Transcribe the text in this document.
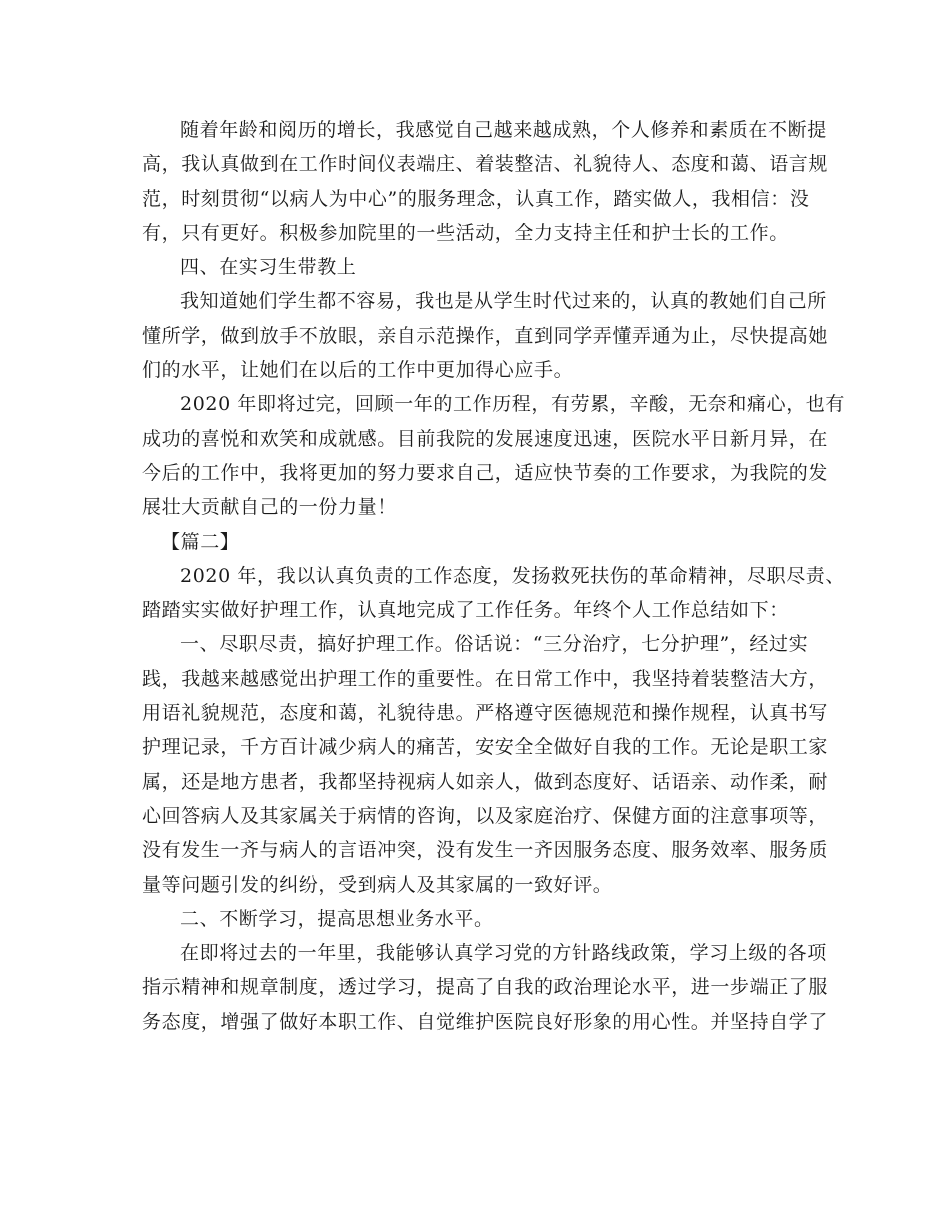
随着年龄和阅历的增长，我感觉自己越来越成熟，个人修养和素质在不断提
高，我认真做到在工作时间仪表端庄、着装整洁、礼貌待人、态度和蔼、语言规
范，时刻贯彻“以病人为中心”的服务理念，认真工作，踏实做人，我相信：没
有，只有更好。积极参加院里的一些活动，全力支持主任和护士长的工作。
四、在实习生带教上
我知道她们学生都不容易，我也是从学生时代过来的，认真的教她们自己所
懂所学，做到放手不放眼，亲自示范操作，直到同学弄懂弄通为止，尽快提高她
们的水平，让她们在以后的工作中更加得心应手。
2020 年即将过完，回顾一年的工作历程，有劳累，辛酸，无奈和痛心，也有
成功的喜悦和欢笑和成就感。目前我院的发展速度迅速，医院水平日新月异，在
今后的工作中，我将更加的努力要求自己，适应快节奏的工作要求，为我院的发
展壮大贡献自己的一份力量！
【篇二】
2020 年，我以认真负责的工作态度，发扬救死扶伤的革命精神，尽职尽责、
踏踏实实做好护理工作，认真地完成了工作任务。年终个人工作总结如下：
一、尽职尽责，搞好护理工作。俗话说：“三分治疗，七分护理”，经过实
践，我越来越感觉出护理工作的重要性。在日常工作中，我坚持着装整洁大方，
用语礼貌规范，态度和蔼，礼貌待患。严格遵守医德规范和操作规程，认真书写
护理记录，千方百计减少病人的痛苦，安安全全做好自我的工作。无论是职工家
属，还是地方患者，我都坚持视病人如亲人，做到态度好、话语亲、动作柔，耐
心回答病人及其家属关于病情的咨询，以及家庭治疗、保健方面的注意事项等，
没有发生一齐与病人的言语冲突，没有发生一齐因服务态度、服务效率、服务质
量等问题引发的纠纷，受到病人及其家属的一致好评。
二、不断学习，提高思想业务水平。
在即将过去的一年里，我能够认真学习党的方针路线政策，学习上级的各项
指示精神和规章制度，透过学习，提高了自我的政治理论水平，进一步端正了服
务态度，增强了做好本职工作、自觉维护医院良好形象的用心性。并坚持自学了
